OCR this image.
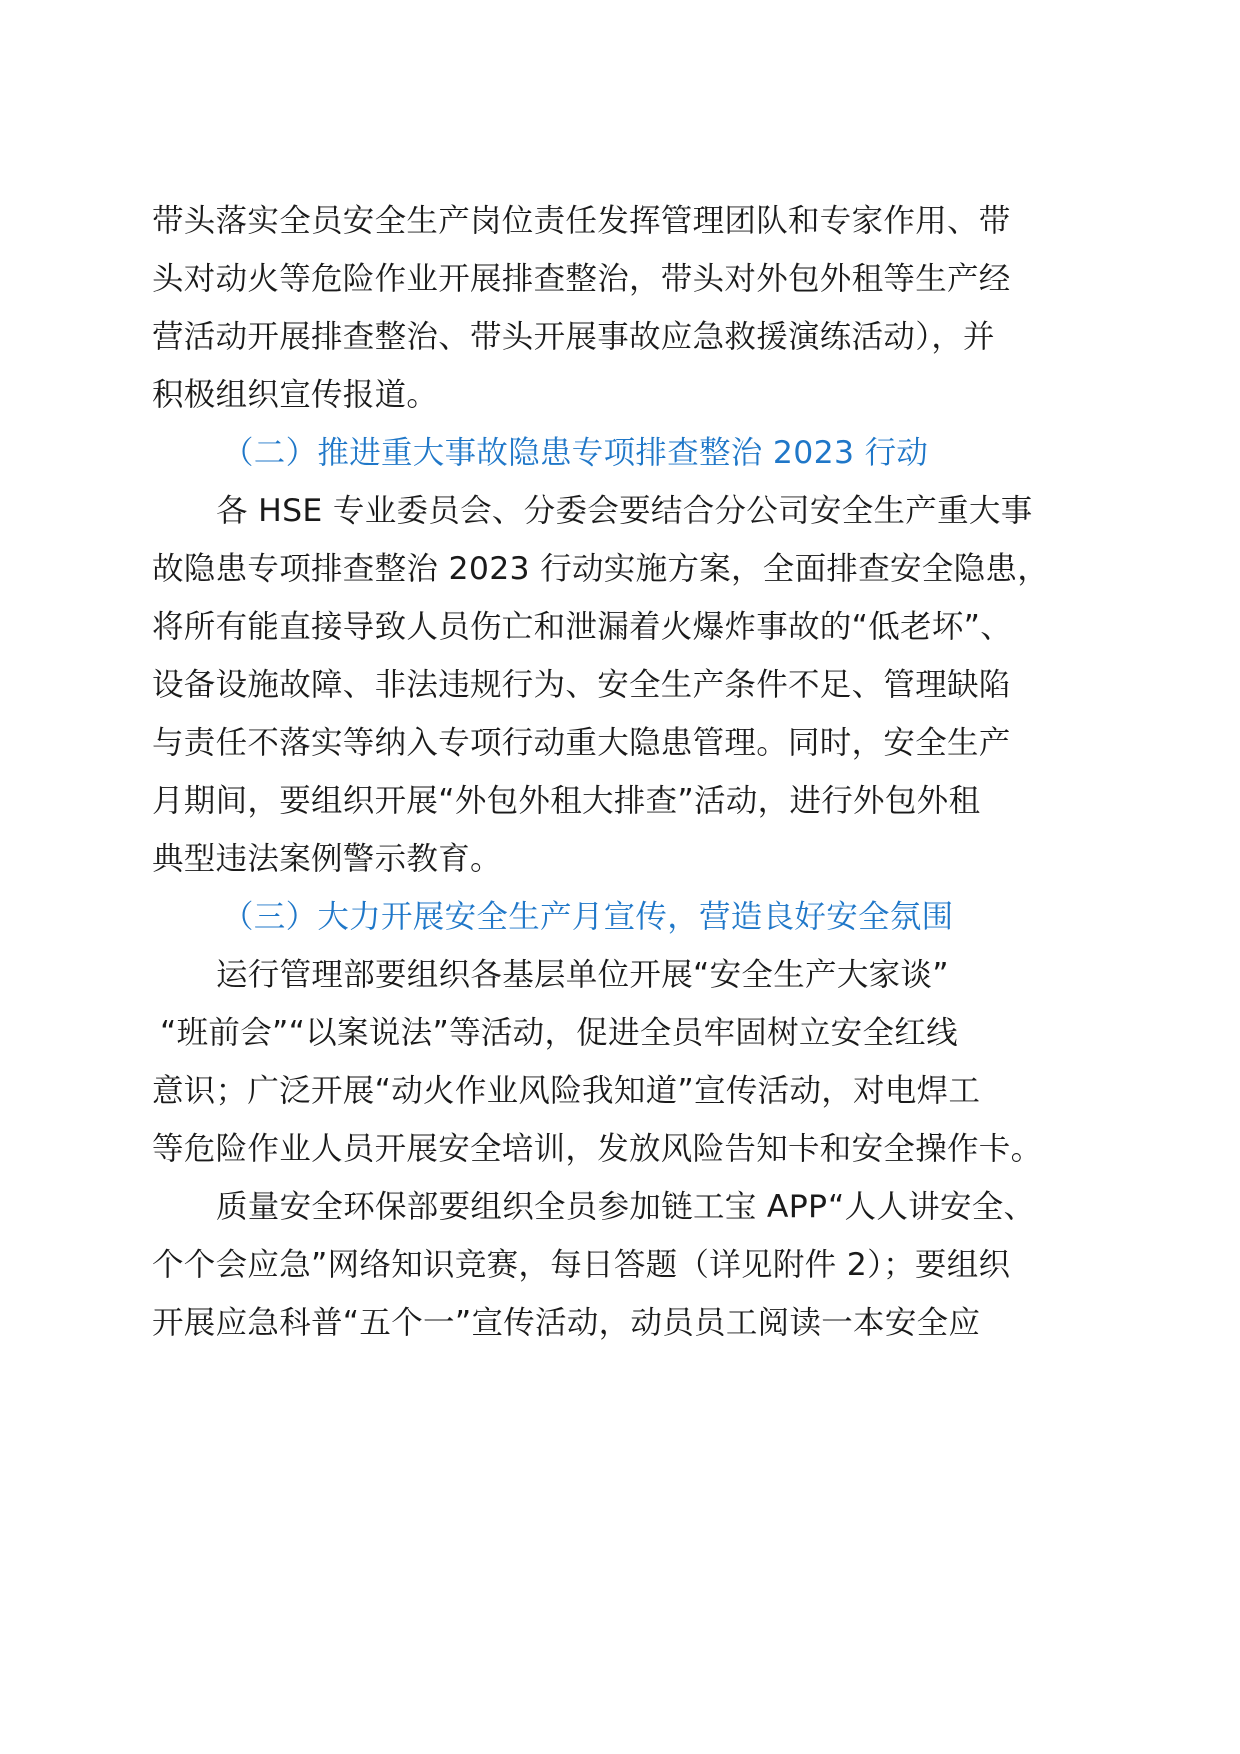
带头落实全员安全生产岗位责任发挥管理团队和专家作用、带
头对动火等危险作业开展排查整治，带头对外包外租等生产经
营活动开展排查整治、带头开展事故应急救援演练活动），并
积极组织宣传报道。
（二）推进重大事故隐患专项排查整治 2023 行动
各 HSE 专业委员会、分委会要结合分公司安全生产重大事
故隐患专项排查整治 2023 行动实施方案，全面排查安全隐患，
将所有能直接导致人员伤亡和泄漏着火爆炸事故的“低老坏”、
设备设施故障、非法违规行为、安全生产条件不足、管理缺陷
与责任不落实等纳入专项行动重大隐患管理。同时，安全生产
月期间，要组织开展“外包外租大排查”活动，进行外包外租
典型违法案例警示教育。
（三）大力开展安全生产月宣传，营造良好安全氛围
运行管理部要组织各基层单位开展“安全生产大家谈”
“班前会”“以案说法”等活动，促进全员牢固树立安全红线
意识；广泛开展“动火作业风险我知道”宣传活动，对电焊工
等危险作业人员开展安全培训，发放风险告知卡和安全操作卡。
质量安全环保部要组织全员参加链工宝 APP“人人讲安全、
个个会应急”网络知识竞赛，每日答题（详见附件 2）；要组织
开展应急科普“五个一”宣传活动，动员员工阅读一本安全应
